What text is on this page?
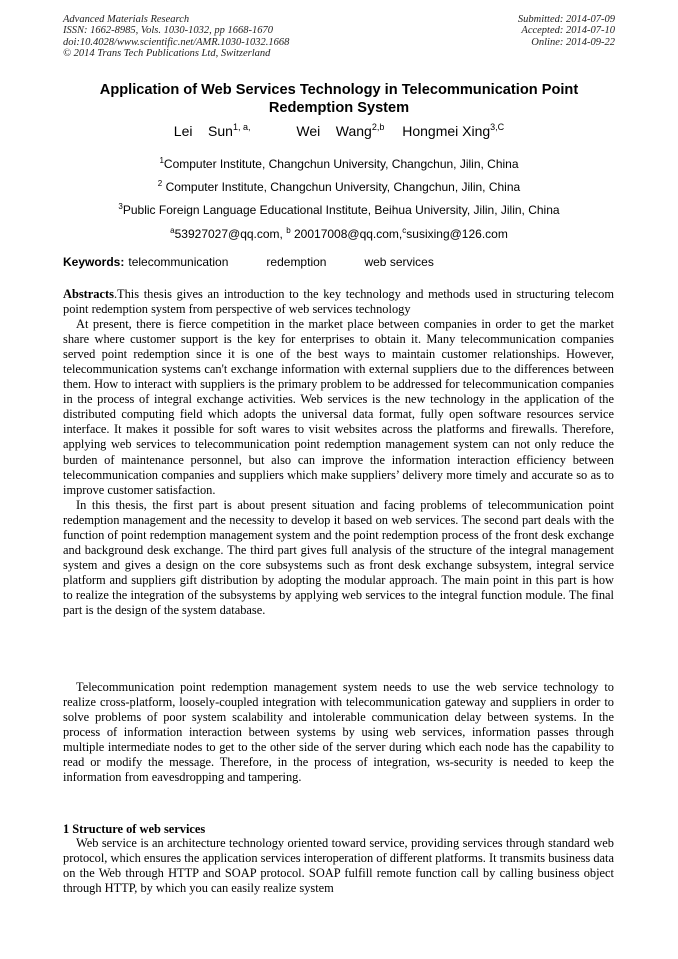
Advanced Materials Research
ISSN: 1662-8985, Vols. 1030-1032, pp 1668-1670
doi:10.4028/www.scientific.net/AMR.1030-1032.1668
© 2014 Trans Tech Publications Ltd, Switzerland
Submitted: 2014-07-09
Accepted: 2014-07-10
Online: 2014-09-22
Application of Web Services Technology in Telecommunication Point Redemption System
Lei    Sun$^{1, a,}$	Wei    Wang$^{2,b}$ Hongmei Xing$^{3,C}$
$^1$Computer Institute, Changchun University, Changchun, Jilin, China
$^2$ Computer Institute, Changchun University, Changchun, Jilin, China
$^3$Public Foreign Language Educational Institute, Beihua University, Jilin, Jilin, China
$^a$53927027@qq.com, $^b$ 20017008@qq.com,$^c$susixing@126.com
Keywords: telecommunication	redemption	web services

Abstracts.This thesis gives an introduction to the key technology and methods used in structuring telecom point redemption system from perspective of web services technology

At present, there is fierce competition in the market place between companies in order to get the market share where customer support is the key for enterprises to obtain it. Many telecommunication companies served point redemption since it is one of the best ways to maintain customer relationships. However, telecommunication systems can't exchange information with external suppliers due to the differences between them. How to interact with suppliers is the primary problem to be addressed for telecommunication companies in the process of integral exchange activities. Web services is the new technology in the application of the distributed computing field which adopts the universal data format, fully open software resources service interface. It makes it possible for soft wares to visit websites across the platforms and firewalls. Therefore, applying web services to telecommunication point redemption management system can not only reduce the burden of maintenance personnel, but also can improve the information interaction efficiency between telecommunication companies and suppliers which make suppliers’ delivery more timely and accurate so as to improve customer satisfaction.

In this thesis, the first part is about present situation and facing problems of telecommunication point redemption management and the necessity to develop it based on web services. The second part deals with the function of point redemption management system and the point redemption process of the front desk exchange and background desk exchange. The third part gives full analysis of the structure of the integral management system and gives a design on the core subsystems such as front desk exchange subsystem, integral service platform and suppliers gift distribution by adopting the modular approach. The main point in this part is how to realize the integration of the subsystems by applying web services to the integral function module. The final part is the design of the system database.

Telecommunication point redemption management system needs to use the web service technology to realize cross-platform, loosely-coupled integration with telecommunication gateway and suppliers in order to solve problems of poor system scalability and intolerable communication delay between systems. In the process of information interaction between systems by using web services, information passes through multiple intermediate nodes to get to the other side of the server during which each node has the capability to read or modify the message. Therefore, in the process of integration, ws-security is needed to keep the information from eavesdropping and tampering.

1 Structure of web services

Web service is an architecture technology oriented toward service, providing services through standard web protocol, which ensures the application services interoperation of different platforms. It transmits business data on the Web through HTTP and SOAP protocol. SOAP fulfill remote function call by calling business object through HTTP, by which you can easily realize system
